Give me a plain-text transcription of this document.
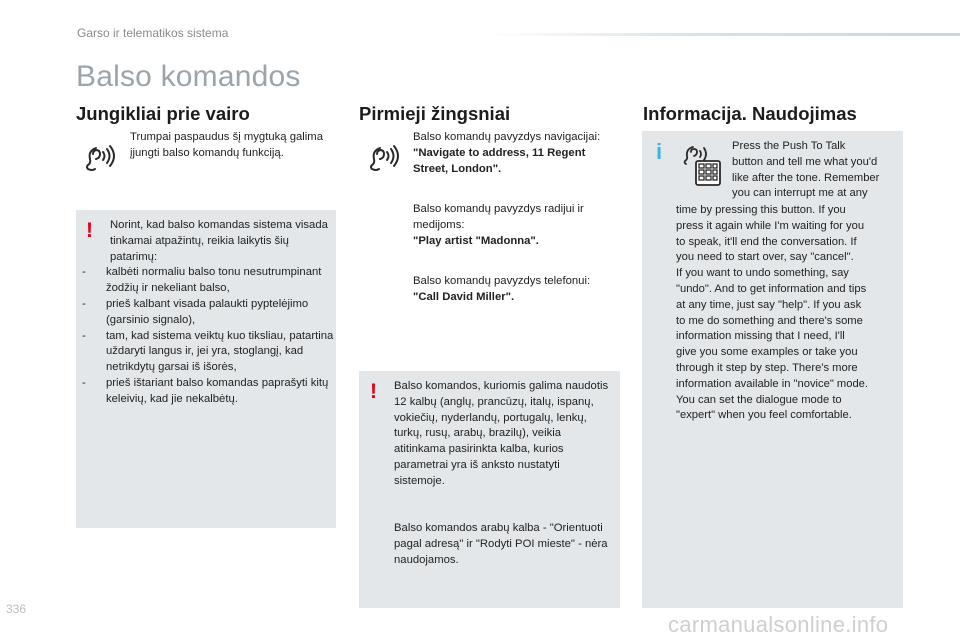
Garso ir telematikos sistema
Balso komandos
Jungikliai prie vairo
Trumpai paspaudus šį mygtuką galima įjungti balso komandų funkciją.
! Norint, kad balso komandas sistema visada tinkamai atpažintų, reikia laikytis šių patarimų:

- kalbėti normaliu balso tonu nesutrumpinant žodžių ir nekeliant balso,
- prieš kalbant visada palaukti pyptelėjimo (garsinio signalo),
- tam, kad sistema veiktų kuo tiksliau, patartina uždaryti langus ir, jei yra, stoglangį, kad netrikdytų garsai iš išorės,
- prieš ištariant balso komandas paprašyti kitų keleivių, kad jie nekalbėtų.
Pirmieji žingsniai

Balso komandų pavyzdys navigacijai:

"Navigate to address, 11 Regent Street, London".

Balso komandų pavyzdys radijui ir medijoms:

"Play artist "Madonna".

Balso komandų pavyzdys telefonui:

"Call David Miller".

! Balso komandos, kuriomis galima naudotis 12 kalbų (anglų, prancūzų, italų, ispanų, vokiečių, nyderlandų, portugalų, lenkų, turkų, rusų, arabų, brazilų), veikia atitinkama pasirinkta kalba, kurios parametrai yra iš anksto nustatyti sistemoje.
Balso komandos arabų kalba - "Orientuoti pagal adresą" ir "Rodyti POI mieste" - nėra naudojamos.
Informacija. Naudojimas
i	Press the Push To Talk
button and tell me what you'd
like after the tone. Remember
you can interrupt me at any
time by pressing this button. If you
press it again while I'm waiting for you
to speak, it'll end the conversation. If
you need to start over, say "cancel".
If you want to undo something, say
"undo". And to get information and tips
at any time, just say "help". If you ask
to me do something and there's some
information missing that I need, I'll
give you some examples or take you
through it step by step. There's more
information available in "novice" mode.
You can set the dialogue mode to
"expert" when you feel comfortable.
336
carmanualsonline.info
